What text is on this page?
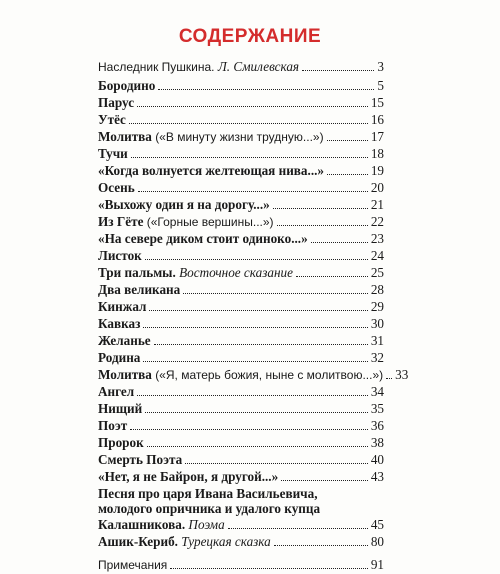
СОДЕРЖАНИЕ
Наследник Пушкина. Л. Смилевская	3
Бородино	5
Парус	15
Утёс	16
Молитва («В минуту жизни трудную...»)	17
Тучи	18
«Когда волнуется желтеющая нива...»	19
Осень	20
«Выхожу один я на дорогу...»	21
Из Гёте («Горные вершины...»)	22
«На севере диком стоит одиноко...»	23
Листок	24
Три пальмы. Восточное сказание	25
Два великана	28
Кинжал	29
Кавказ	30
Желанье	31
Родина	32
Молитва («Я, матерь божия, ныне с молитвою...») 33
Ангел	34
Нищий	35
Поэт	36
Пророк	38
Смерть Поэта	40
«Нет, я не Байрон, я другой...»	43
Песня про царя Ивана Васильевича,
молодого опричника и удалого купца
Калашникова. Поэма	45
Ашик-Кериб. Турецкая сказка	80
Примечания	91
